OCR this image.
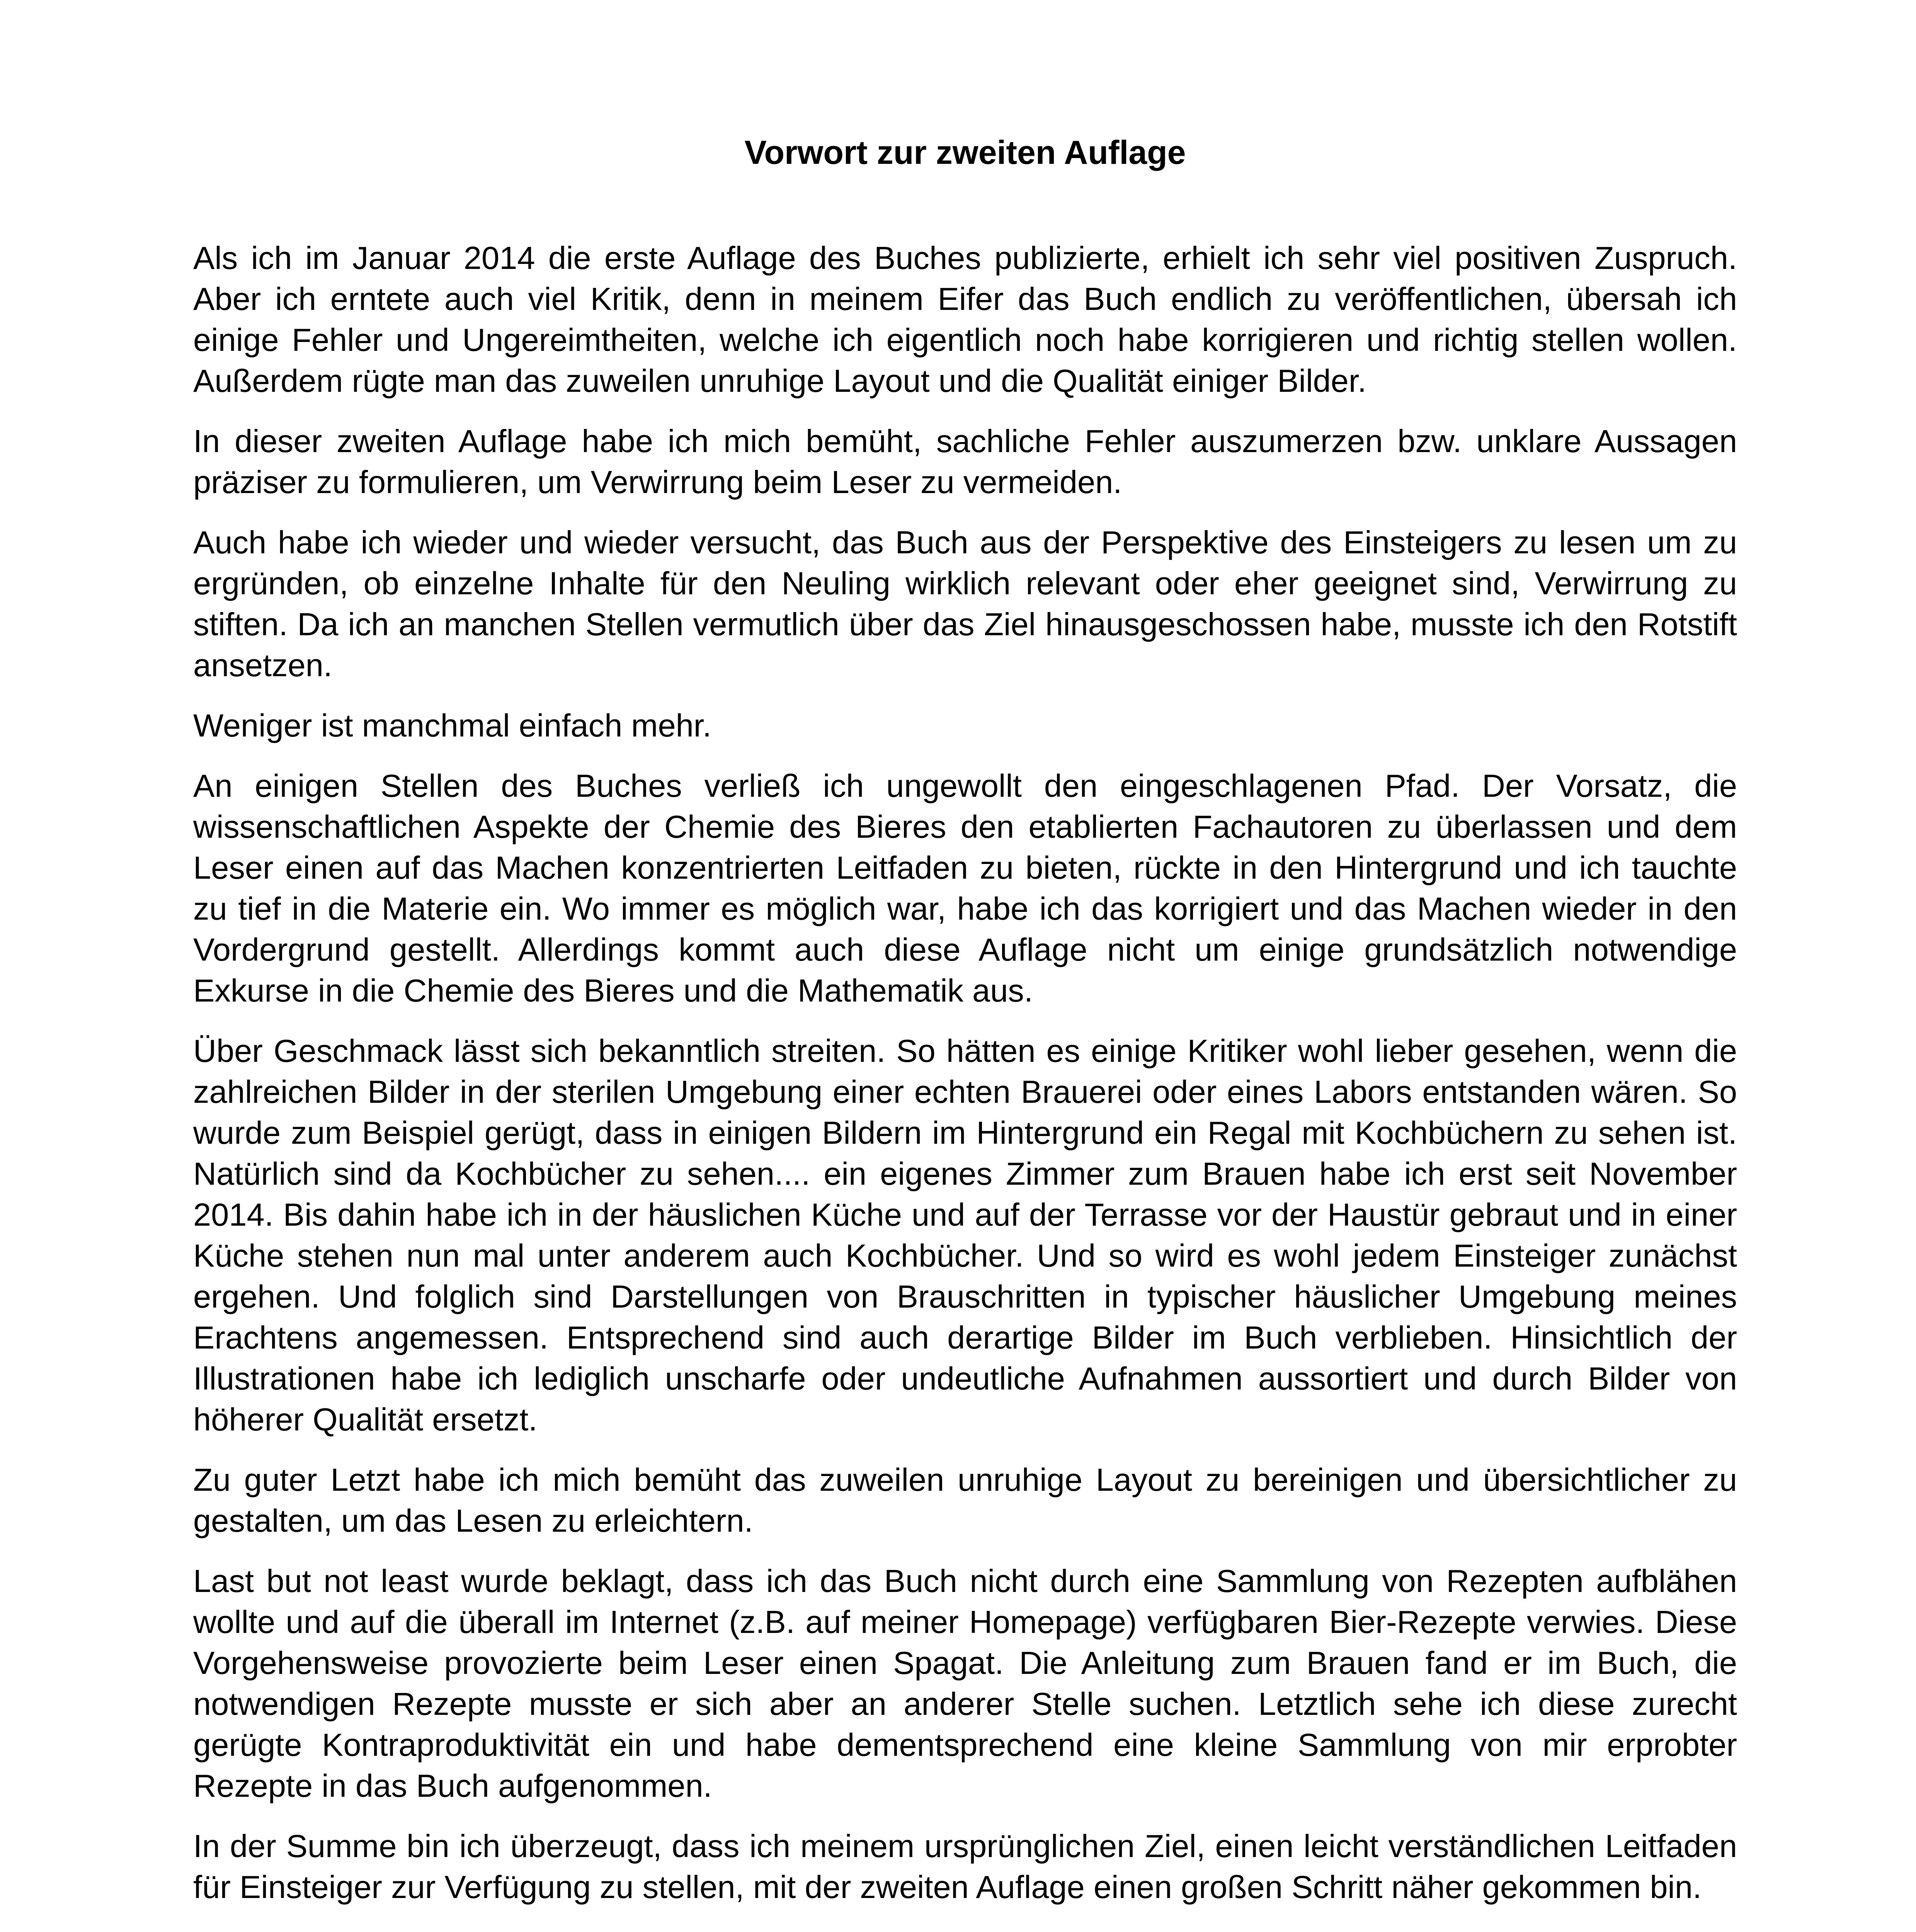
Vorwort zur zweiten Auflage

Als ich im Januar 2014 die erste Auflage des Buches publizierte, erhielt ich sehr viel positiven Zuspruch. Aber ich erntete auch viel Kritik, denn in meinem Eifer das Buch endlich zu veröffentlichen, übersah ich einige Fehler und Ungereimtheiten, welche ich eigentlich noch habe korrigieren und richtig stellen wollen. Außerdem rügte man das zuweilen unruhige Layout und die Qualität einiger Bilder.

In dieser zweiten Auflage habe ich mich bemüht, sachliche Fehler auszumerzen bzw. unklare Aussagen präziser zu formulieren, um Verwirrung beim Leser zu vermeiden.

Auch habe ich wieder und wieder versucht, das Buch aus der Perspektive des Einsteigers zu lesen um zu ergründen, ob einzelne Inhalte für den Neuling wirklich relevant oder eher geeignet sind, Verwirrung zu stiften. Da ich an manchen Stellen vermutlich über das Ziel hinausgeschossen habe, musste ich den Rotstift ansetzen.

Weniger ist manchmal einfach mehr.

An einigen Stellen des Buches verließ ich ungewollt den eingeschlagenen Pfad. Der Vorsatz, die wissenschaftlichen Aspekte der Chemie des Bieres den etablierten Fachautoren zu überlassen und dem Leser einen auf das Machen konzentrierten Leitfaden zu bieten, rückte in den Hintergrund und ich tauchte zu tief in die Materie ein. Wo immer es möglich war, habe ich das korrigiert und das Machen wieder in den Vordergrund gestellt. Allerdings kommt auch diese Auflage nicht um einige grundsätzlich notwendige Exkurse in die Chemie des Bieres und die Mathematik aus.

Über Geschmack lässt sich bekanntlich streiten. So hätten es einige Kritiker wohl lieber gesehen, wenn die zahlreichen Bilder in der sterilen Umgebung einer echten Brauerei oder eines Labors entstanden wären. So wurde zum Beispiel gerügt, dass in einigen Bildern im Hintergrund ein Regal mit Kochbüchern zu sehen ist. Natürlich sind da Kochbücher zu sehen.... ein eigenes Zimmer zum Brauen habe ich erst seit November 2014. Bis dahin habe ich in der häuslichen Küche und auf der Terrasse vor der Haustür gebraut und in einer Küche stehen nun mal unter anderem auch Kochbücher. Und so wird es wohl jedem Einsteiger zunächst ergehen. Und folglich sind Darstellungen von Brauschritten in typischer häuslicher Umgebung meines Erachtens angemessen. Entsprechend sind auch derartige Bilder im Buch verblieben. Hinsichtlich der Illustrationen habe ich lediglich unscharfe oder undeutliche Aufnahmen aussortiert und durch Bilder von höherer Qualität ersetzt.

Zu guter Letzt habe ich mich bemüht das zuweilen unruhige Layout zu bereinigen und übersichtlicher zu gestalten, um das Lesen zu erleichtern.

Last but not least wurde beklagt, dass ich das Buch nicht durch eine Sammlung von Rezepten aufblähen wollte und auf die überall im Internet (z.B. auf meiner Homepage) verfügbaren Bier-Rezepte verwies. Diese Vorgehensweise provozierte beim Leser einen Spagat. Die Anleitung zum Brauen fand er im Buch, die notwendigen Rezepte musste er sich aber an anderer Stelle suchen. Letztlich sehe ich diese zurecht gerügte Kontraproduktivität ein und habe dementsprechend eine kleine Sammlung von mir erprobter Rezepte in das Buch aufgenommen.

In der Summe bin ich überzeugt, dass ich meinem ursprünglichen Ziel, einen leicht verständlichen Leitfaden für Einsteiger zur Verfügung zu stellen, mit der zweiten Auflage einen großen Schritt näher gekommen bin.
